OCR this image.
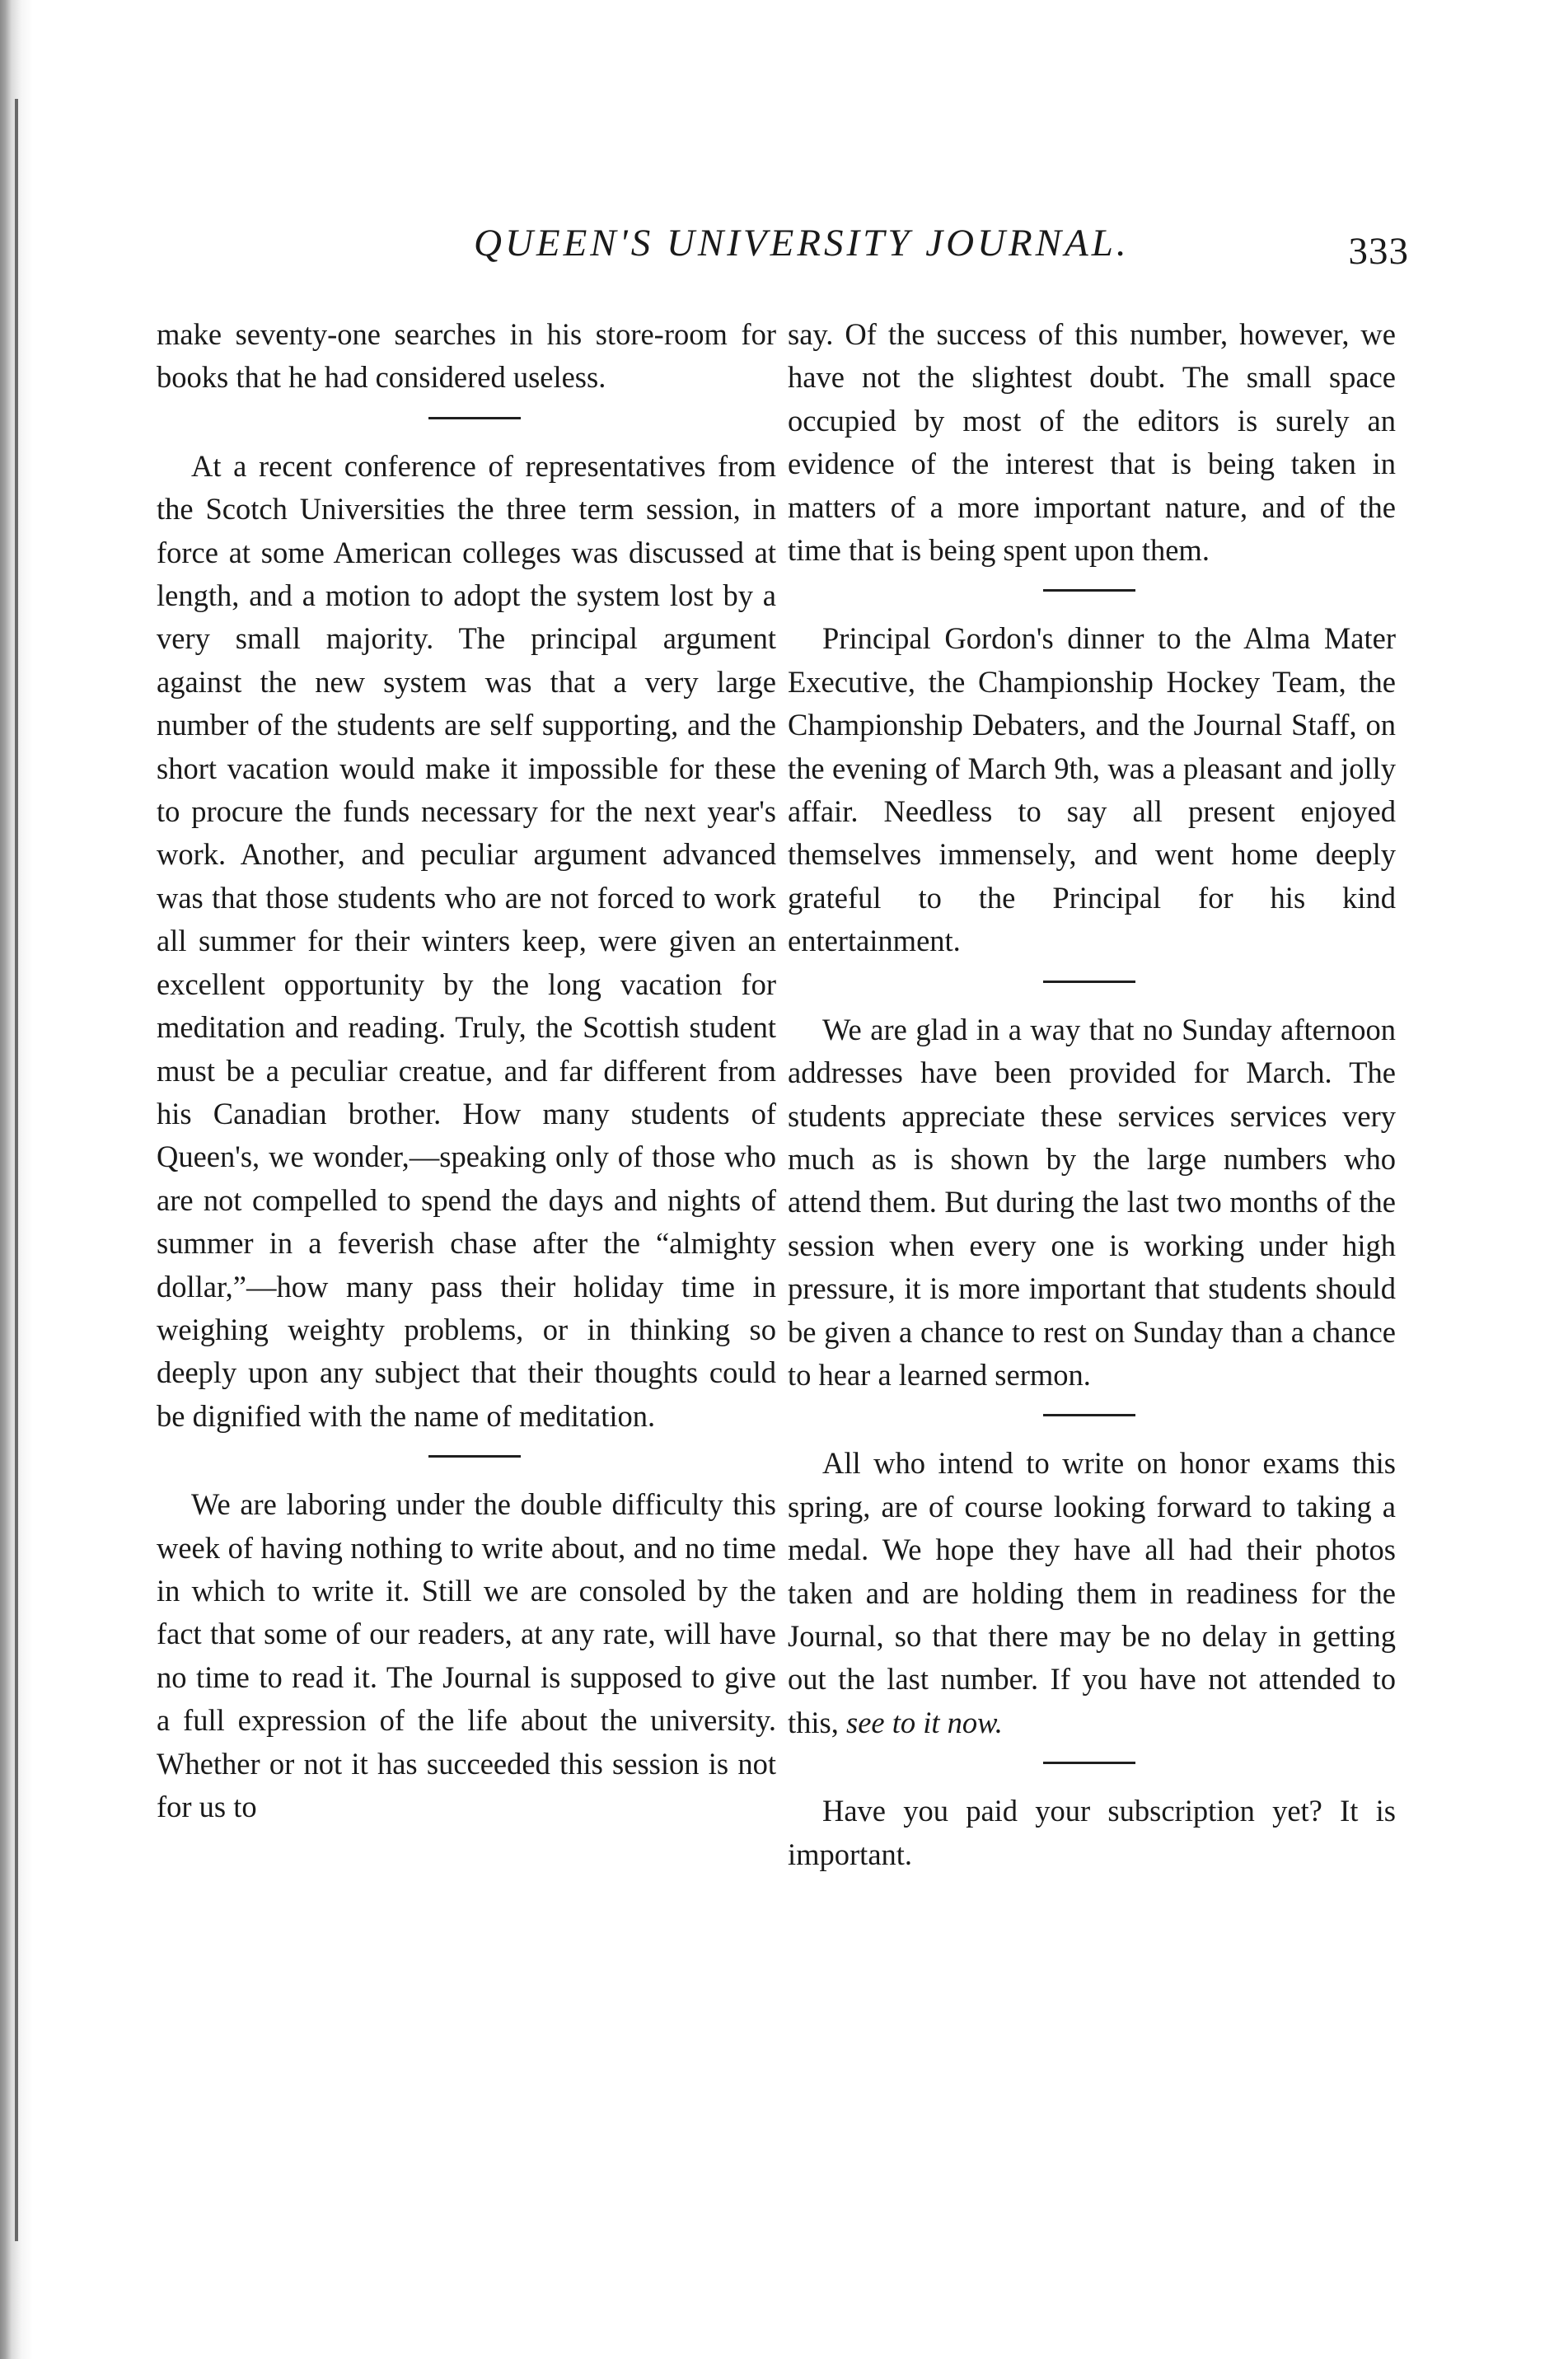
QUEEN'S UNIVERSITY JOURNAL.	333

make seventy-one searches in his store-room for books that he had considered useless.

At a recent conference of representatives from the Scotch Universities the three term session, in force at some American colleges was discussed at length, and a motion to adopt the system lost by a very small majority. The principal argument against the new system was that a very large number of the students are self supporting, and the short vacation would make it impossible for these to procure the funds necessary for the next year's work. Another, and peculiar argument advanced was that those students who are not forced to work all summer for their winters keep, were given an excellent opportunity by the long vacation for meditation and reading. Truly, the Scottish student must be a peculiar creatue, and far different from his Canadian brother. How many students of Queen's, we wonder,—speaking only of those who are not compelled to spend the days and nights of summer in a feverish chase after the “almighty dollar,”—how many pass their holiday time in weighing weighty problems, or in thinking so deeply upon any subject that their thoughts could be dignified with the name of meditation.

We are laboring under the double difficulty this week of having nothing to write about, and no time in which to write it. Still we are consoled by the fact that some of our readers, at any rate, will have no time to read it. The Journal is supposed to give a full expression of the life about the university. Whether or not it has succeeded this session is not for us to

say. Of the success of this number, however, we have not the slightest doubt. The small space occupied by most of the editors is surely an evidence of the interest that is being taken in matters of a more important nature, and of the time that is being spent upon them.

Principal Gordon's dinner to the Alma Mater Executive, the Championship Hockey Team, the Championship Debaters, and the Journal Staff, on the evening of March 9th, was a pleasant and jolly affair. Needless to say all present enjoyed themselves immensely, and went home deeply grateful to the Principal for his kind entertainment.

We are glad in a way that no Sunday afternoon addresses have been provided for March. The students appreciate these services services very much as is shown by the large numbers who attend them. But during the last two months of the session when every one is working under high pressure, it is more important that students should be given a chance to rest on Sunday than a chance to hear a learned sermon.

All who intend to write on honor exams this spring, are of course looking forward to taking a medal. We hope they have all had their photos taken and are holding them in readiness for the Journal, so that there may be no delay in getting out the last number. If you have not attended to this, see to it now.

Have you paid your subscription yet? It is important.
